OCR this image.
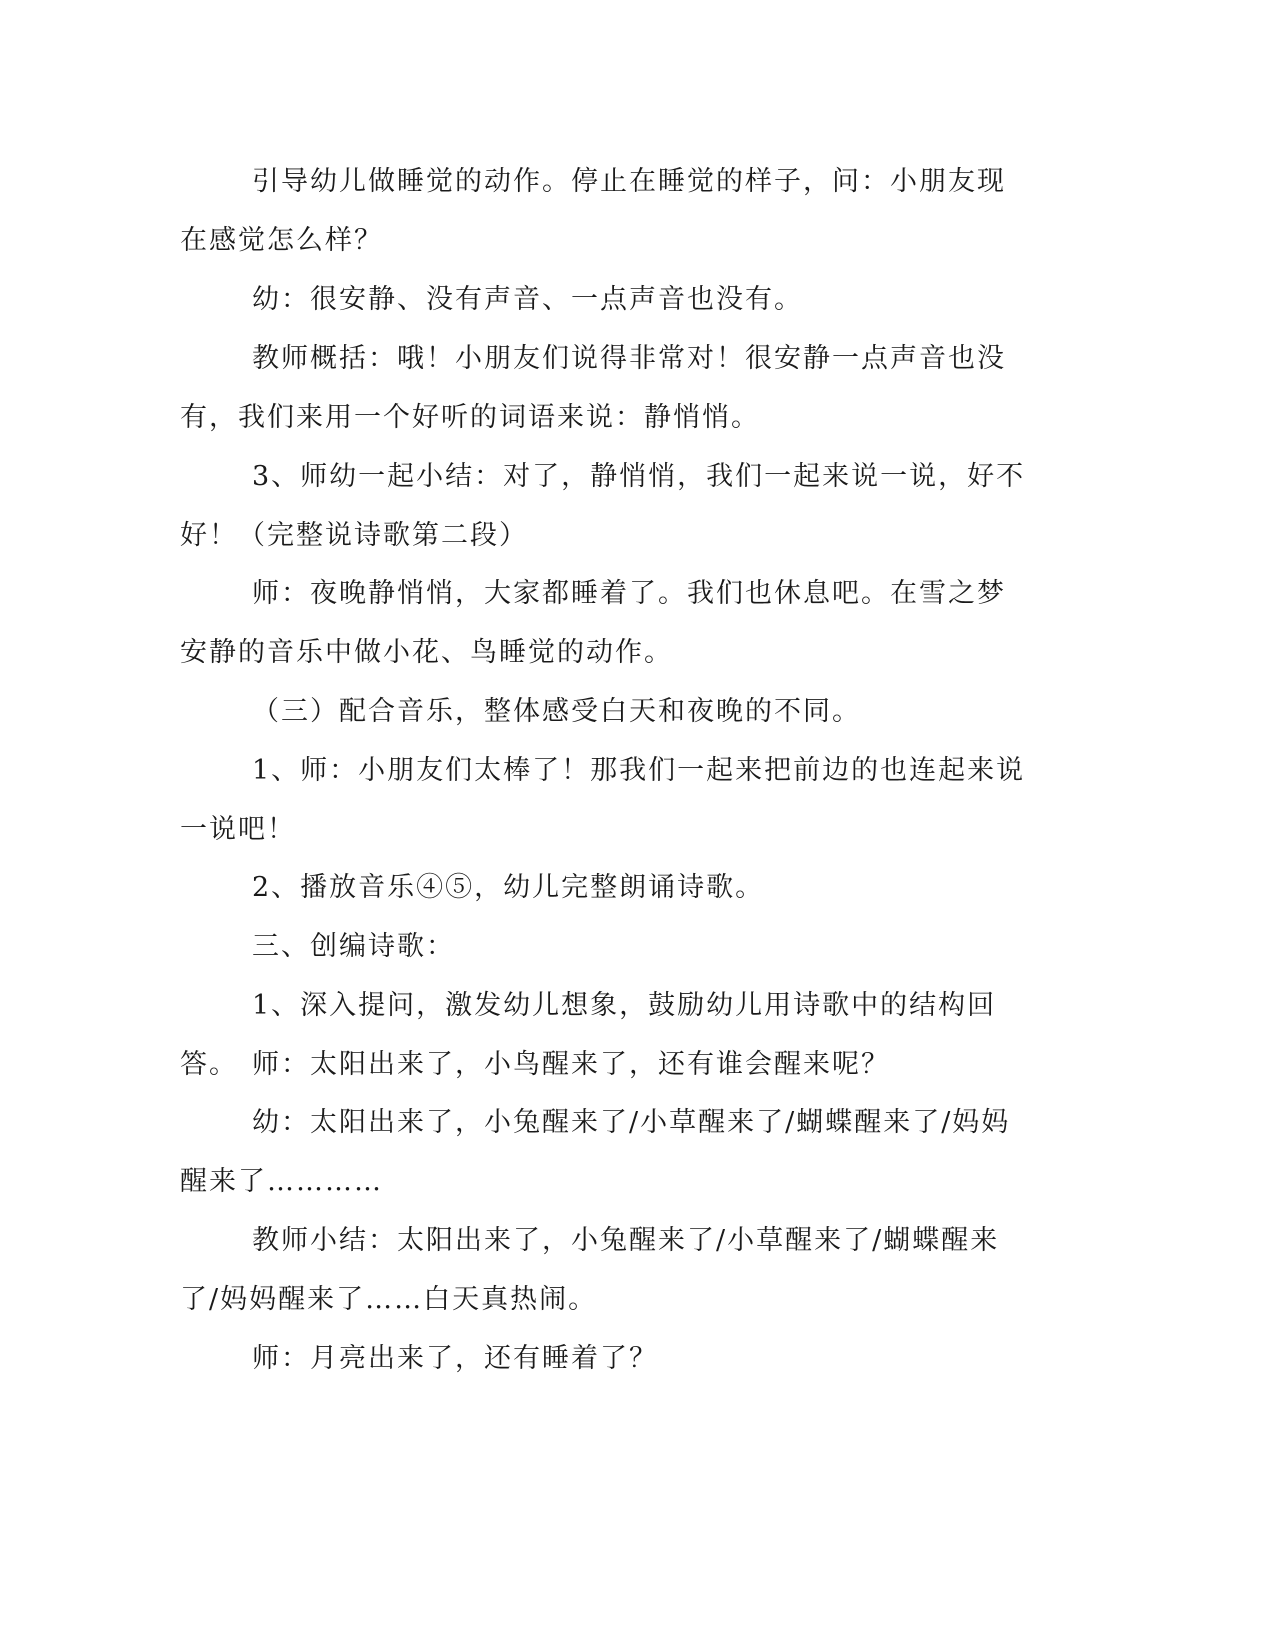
引导幼儿做睡觉的动作。停止在睡觉的样子，问：小朋友现在感觉怎么样？

幼：很安静、没有声音、一点声音也没有。

教师概括：哦！小朋友们说得非常对！很安静一点声音也没有，我们来用一个好听的词语来说：静悄悄。

3、师幼一起小结：对了，静悄悄，我们一起来说一说，好不好！（完整说诗歌第二段）

师：夜晚静悄悄，大家都睡着了。我们也休息吧。在雪之梦安静的音乐中做小花、鸟睡觉的动作。

（三）配合音乐，整体感受白天和夜晚的不同。

1、师：小朋友们太棒了！那我们一起来把前边的也连起来说一说吧！

2、播放音乐④⑤，幼儿完整朗诵诗歌。

三、创编诗歌：

1、深入提问，激发幼儿想象，鼓励幼儿用诗歌中的结构回答。 师：太阳出来了，小鸟醒来了，还有谁会醒来呢？

幼：太阳出来了，小兔醒来了/小草醒来了/蝴蝶醒来了/妈妈醒来了…………

教师小结：太阳出来了，小兔醒来了/小草醒来了/蝴蝶醒来了/妈妈醒来了……白天真热闹。

师：月亮出来了，还有睡着了？
